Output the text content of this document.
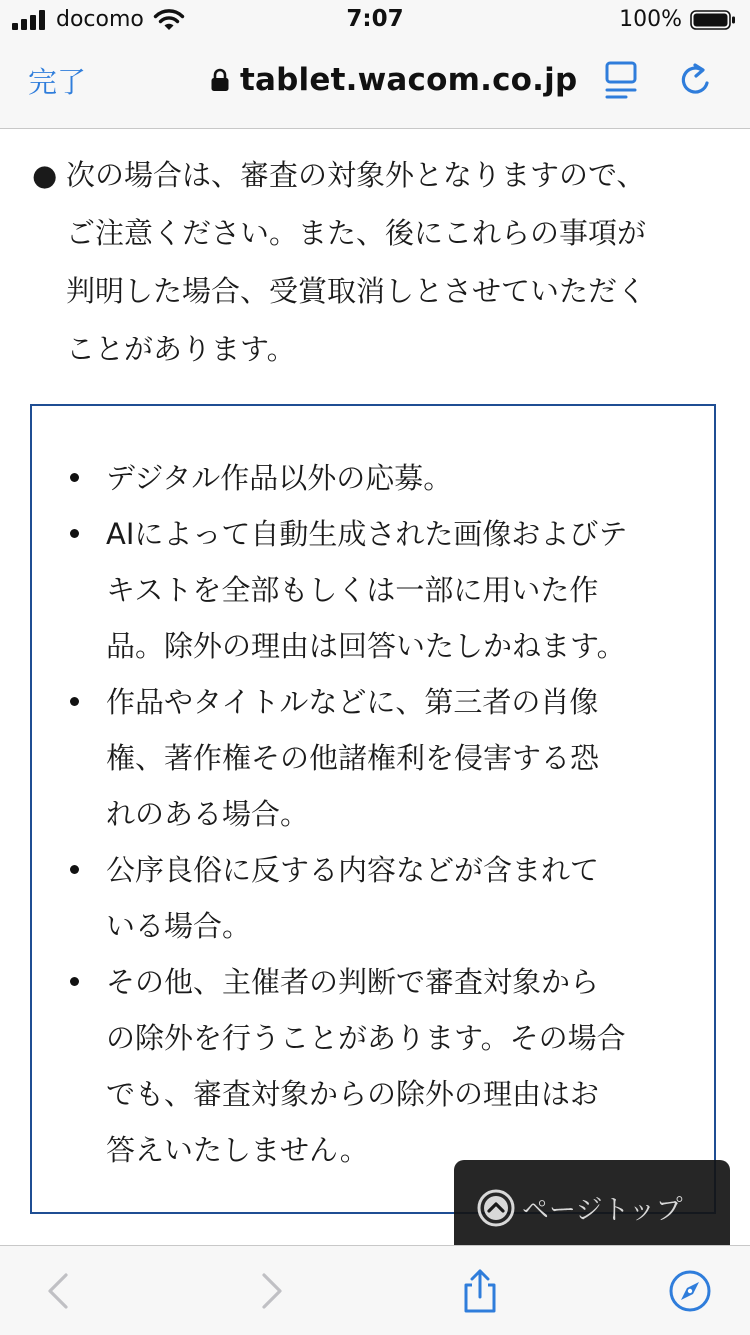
docomo	7:07	100%
完了	tablet.wacom.co.jp
● 次の場合は、審査の対象外となりますので、
ご注意ください。また、後にこれらの事項が
判明した場合、受賞取消しとさせていただく
ことがあります。
デジタル作品以外の応募。
AIによって自動生成された画像およびテ
キストを全部もしくは一部に用いた作
品。除外の理由は回答いたしかねます。
作品やタイトルなどに、第三者の肖像
権、著作権その他諸権利を侵害する恐
れのある場合。
公序良俗に反する内容などが含まれて
いる場合。
その他、主催者の判断で審査対象から
の除外を行うことがあります。その場合
でも、審査対象からの除外の理由はお
答えいたしません。
ページトップ
